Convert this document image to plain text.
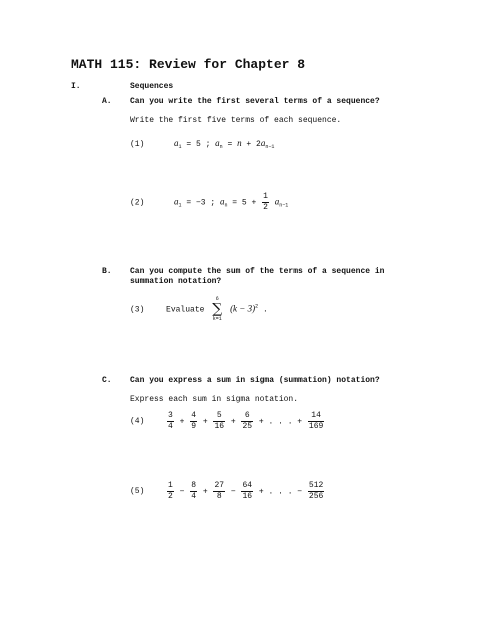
MATH 115: Review for Chapter 8
I.	Sequences
A. Can you write the first several terms of a sequence?
Write the first five terms of each sequence.
(1)	$a_1 = 5$ ; $a_n = n + 2a_{n-1}$
(2)	$a_1 = -3$ ; $a_n = 5 + \frac{1}{2} a_{n-1}$
B. Can you compute the sum of the terms of a sequence in
summation notation?
(3)	Evaluate
6
∑
k=1
$(k - 3)^2$ .
C. Can you express a sum in sigma (summation) notation?
Express each sum in sigma notation.
(4)	$\frac{3}{4} + \frac{4}{9} + \frac{5}{16} + \frac{6}{25}$ + . . . + $\frac{14}{169}$
(5)	$\frac{1}{2} - \frac{8}{4} + \frac{27}{8} - \frac{64}{16}$ + . . . − $\frac{512}{256}$
